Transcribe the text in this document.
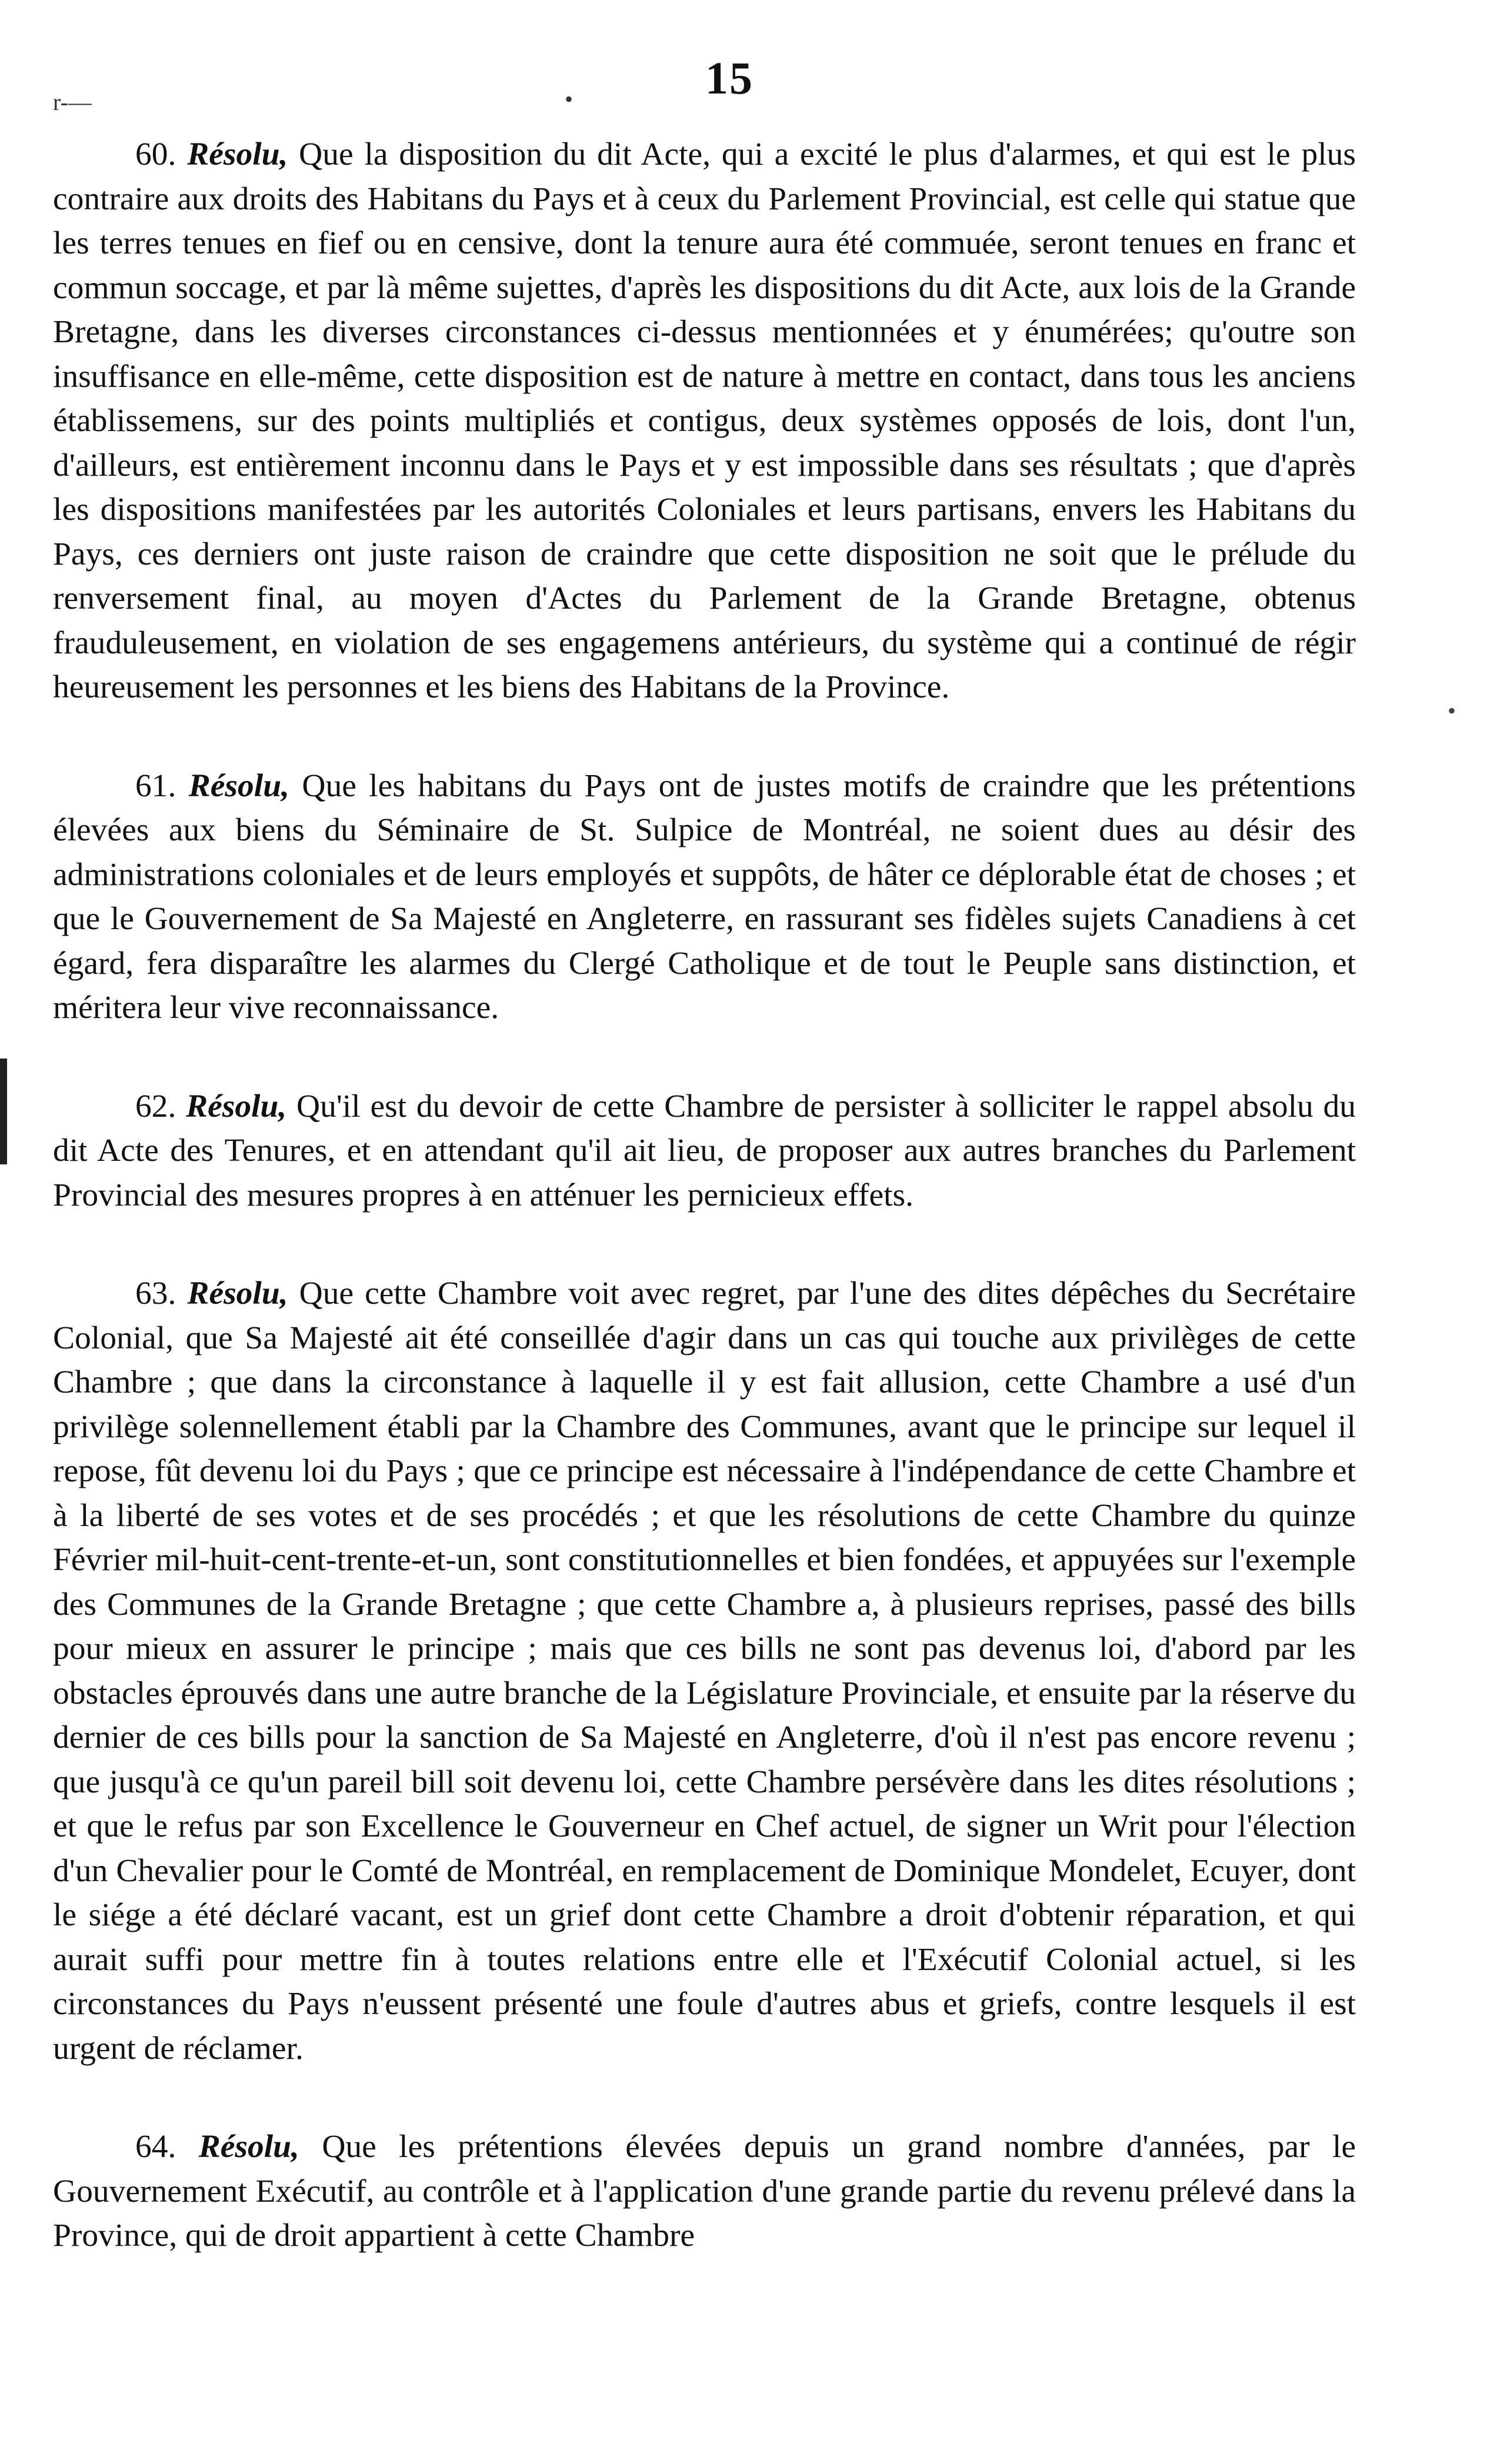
r-—	•	15
•

60. Résolu, Que la disposition du dit Acte, qui a excité le plus d'alarmes, et qui est le plus contraire aux droits des Habitans du Pays et à ceux du Parlement Provincial, est celle qui statue que les terres tenues en fief ou en censive, dont la tenure aura été commuée, seront tenues en franc et commun soccage, et par là même sujettes, d'après les dispositions du dit Acte, aux lois de la Grande Bretagne, dans les diverses circonstances ci-dessus mentionnées et y énumérées; qu'outre son insuffisance en elle-même, cette disposition est de nature à mettre en contact, dans tous les anciens établissemens, sur des points multipliés et contigus, deux systèmes opposés de lois, dont l'un, d'ailleurs, est entièrement inconnu dans le Pays et y est impossible dans ses résultats ; que d'après les dispositions manifestées par les autorités Coloniales et leurs partisans, envers les Habitans du Pays, ces derniers ont juste raison de craindre que cette disposition ne soit que le prélude du renversement final, au moyen d'Actes du Parlement de la Grande Bretagne, obtenus frauduleusement, en violation de ses engagemens antérieurs, du système qui a continué de régir heureusement les personnes et les biens des Habitans de la Province.

61. Résolu, Que les habitans du Pays ont de justes motifs de craindre que les prétentions élevées aux biens du Séminaire de St. Sulpice de Montréal, ne soient dues au désir des administrations coloniales et de leurs employés et suppôts, de hâter ce déplorable état de choses ; et que le Gouvernement de Sa Majesté en Angleterre, en rassurant ses fidèles sujets Canadiens à cet égard, fera disparaître les alarmes du Clergé Catholique et de tout le Peuple sans distinction, et méritera leur vive reconnaissance.

62. Résolu, Qu'il est du devoir de cette Chambre de persister à solliciter le rappel absolu du dit Acte des Tenures, et en attendant qu'il ait lieu, de proposer aux autres branches du Parlement Provincial des mesures propres à en atténuer les pernicieux effets.

63. Résolu, Que cette Chambre voit avec regret, par l'une des dites dépêches du Secrétaire Colonial, que Sa Majesté ait été conseillée d'agir dans un cas qui touche aux privilèges de cette Chambre ; que dans la circonstance à laquelle il y est fait allusion, cette Chambre a usé d'un privilège solennellement établi par la Chambre des Communes, avant que le principe sur lequel il repose, fût devenu loi du Pays ; que ce principe est nécessaire à l'indépendance de cette Chambre et à la liberté de ses votes et de ses procédés ; et que les résolutions de cette Chambre du quinze Février mil-huit-cent-trente-et-un, sont constitutionnelles et bien fondées, et appuyées sur l'exemple des Communes de la Grande Bretagne ; que cette Chambre a, à plusieurs reprises, passé des bills pour mieux en assurer le principe ; mais que ces bills ne sont pas devenus loi, d'abord par les obstacles éprouvés dans une autre branche de la Législature Provinciale, et ensuite par la réserve du dernier de ces bills pour la sanction de Sa Majesté en Angleterre, d'où il n'est pas encore revenu ; que jusqu'à ce qu'un pareil bill soit devenu loi, cette Chambre persévère dans les dites résolutions ; et que le refus par son Excellence le Gouverneur en Chef actuel, de signer un Writ pour l'élection d'un Chevalier pour le Comté de Montréal, en remplacement de Dominique Mondelet, Ecuyer, dont le siége a été déclaré vacant, est un grief dont cette Chambre a droit d'obtenir réparation, et qui aurait suffi pour mettre fin à toutes relations entre elle et l'Exécutif Colonial actuel, si les circonstances du Pays n'eussent présenté une foule d'autres abus et griefs, contre lesquels il est urgent de réclamer.

64. Résolu, Que les prétentions élevées depuis un grand nombre d'années, par le Gouvernement Exécutif, au contrôle et à l'application d'une grande partie du revenu prélevé dans la Province, qui de droit appartient à cette Chambre
